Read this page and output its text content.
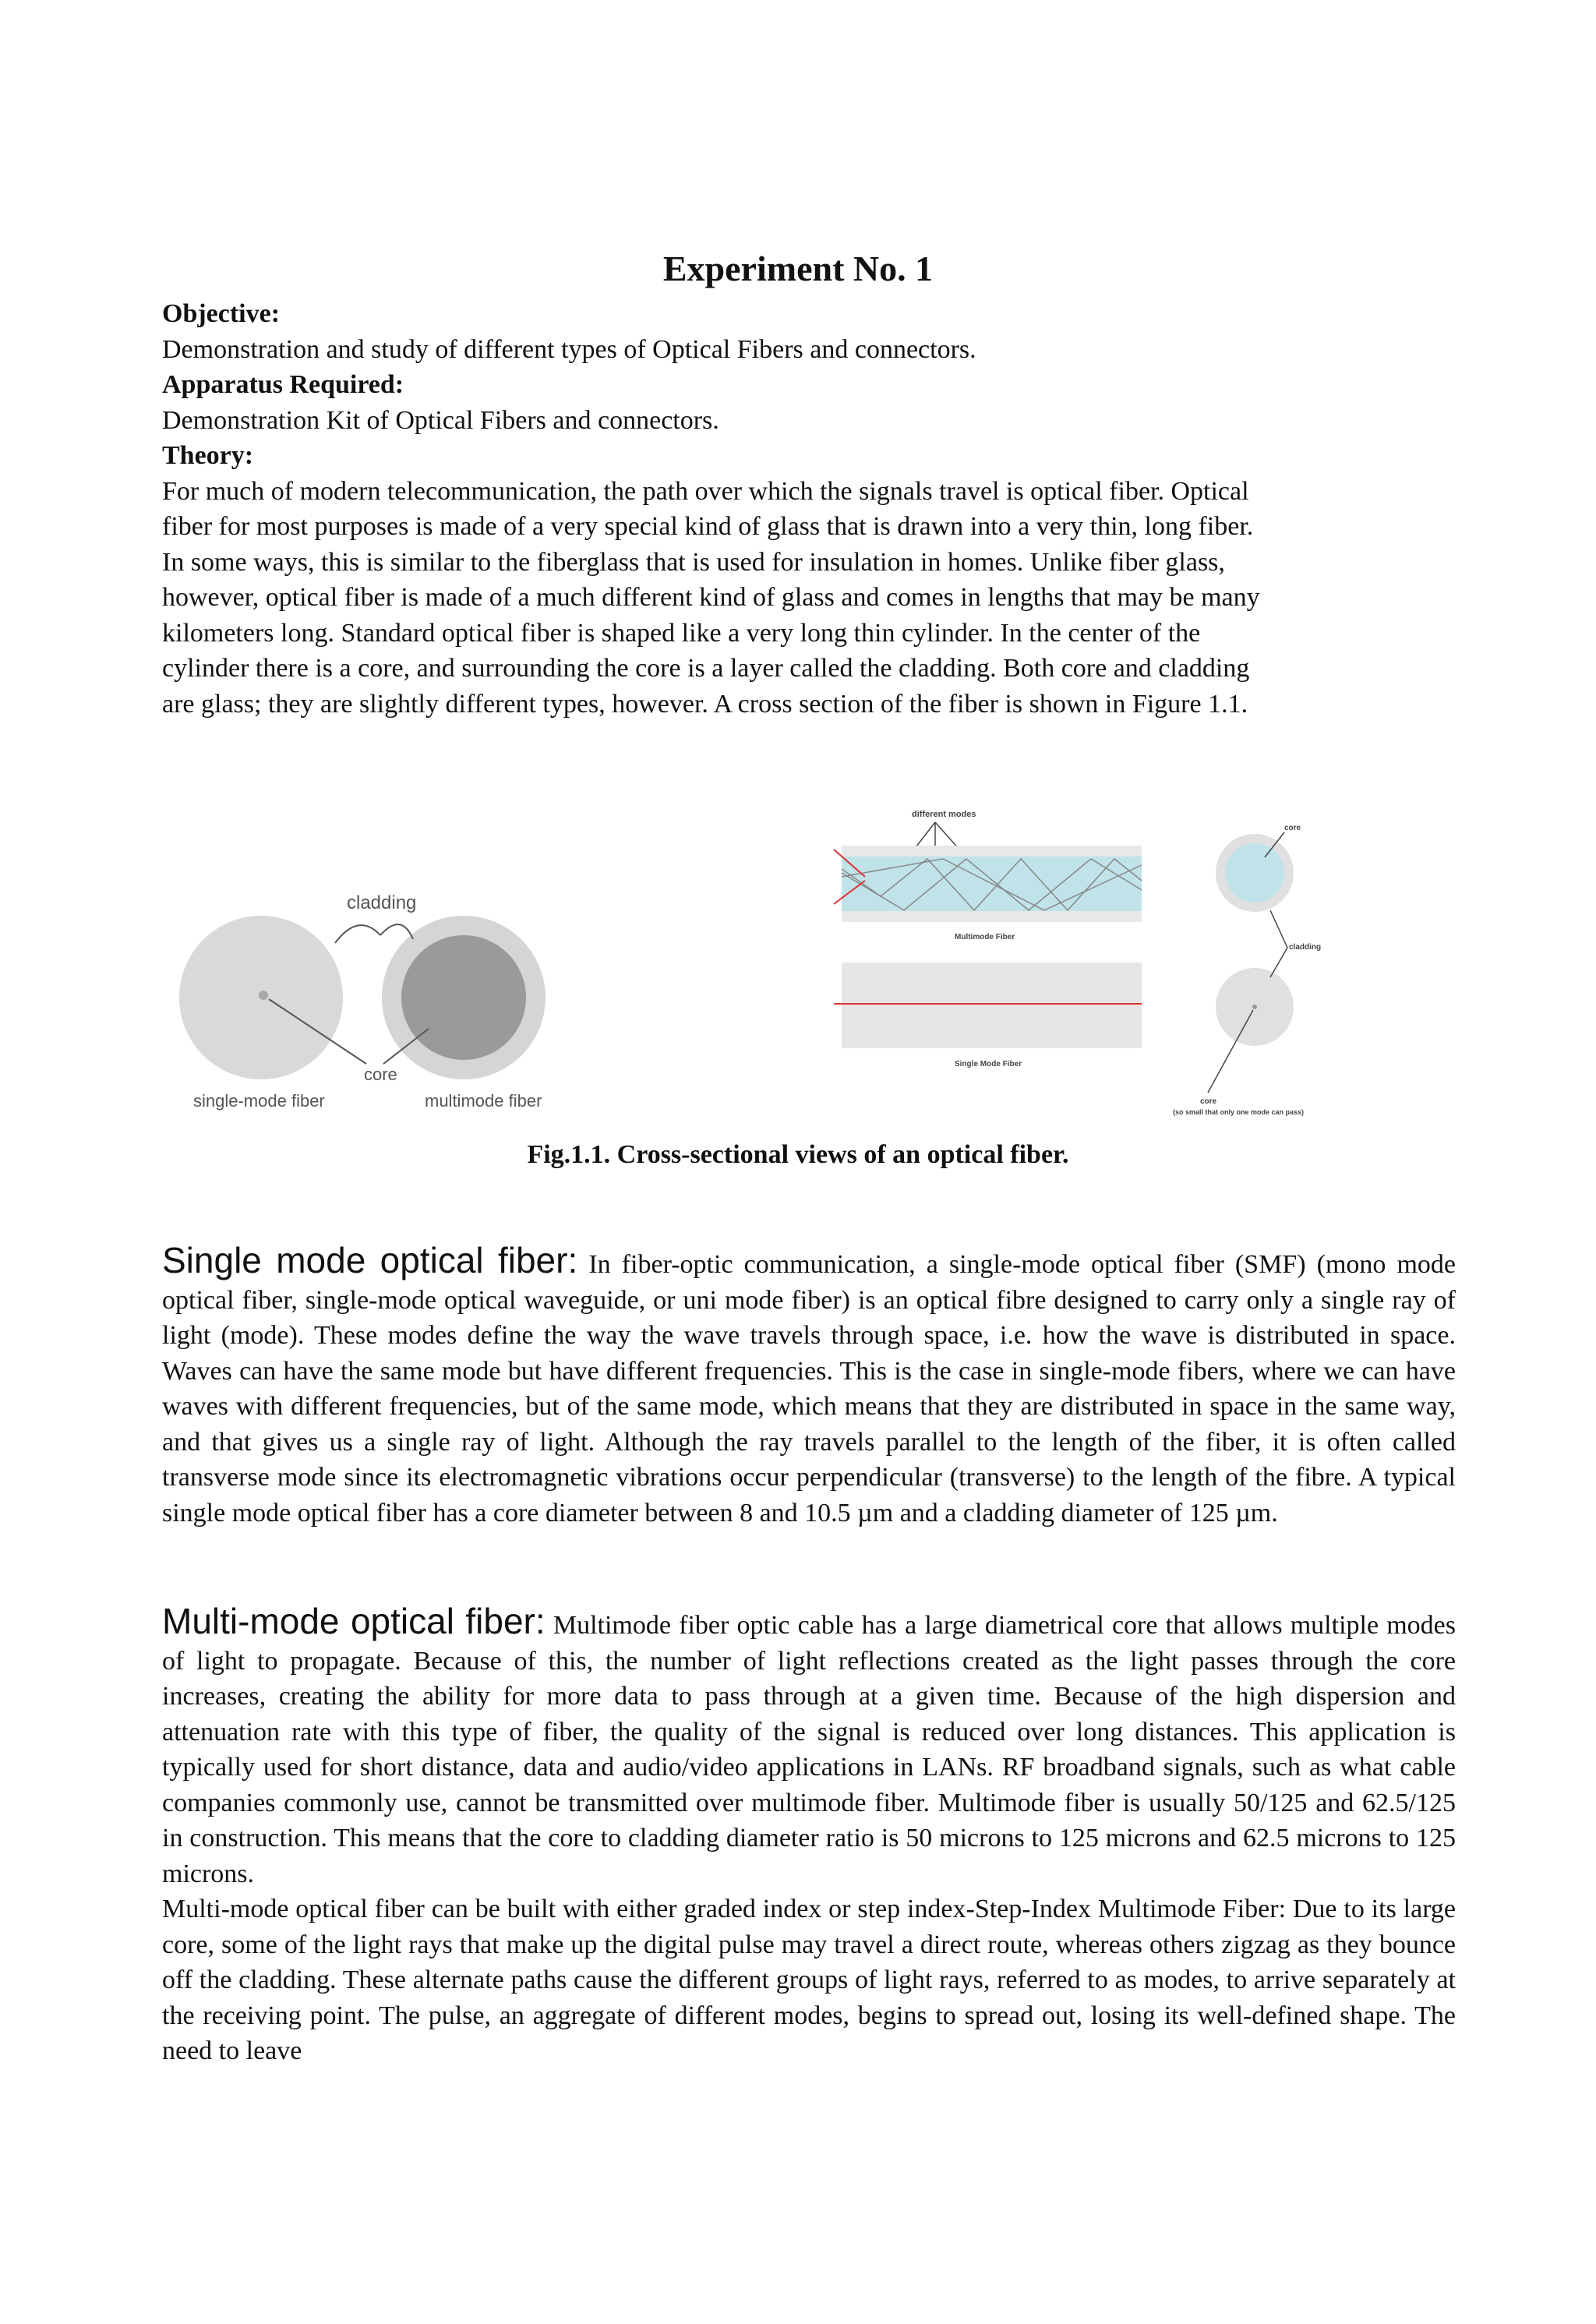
Experiment No. 1
Objective:
Demonstration and study of different types of Optical Fibers and connectors.
Apparatus Required:
Demonstration Kit of Optical Fibers and connectors.
Theory:
For much of modern telecommunication, the path over which the signals travel is optical fiber. Optical
fiber for most purposes is made of a very special kind of glass that is drawn into a very thin, long fiber.
In some ways, this is similar to the fiberglass that is used for insulation in homes. Unlike fiber glass,
however, optical fiber is made of a much different kind of glass and comes in lengths that may be many
kilometers long. Standard optical fiber is shaped like a very long thin cylinder. In the center of the
cylinder there is a core, and surrounding the core is a layer called the cladding. Both core and cladding
are glass; they are slightly different types, however. A cross section of the fiber is shown in Figure 1.1.
cladding
core
single-mode fiber	multimode fiber
different modes
Multimode Fiber
Single Mode Fiber
core
cladding
core
(so small that only one mode can pass)
Fig.1.1. Cross-sectional views of an optical fiber.
Single mode optical fiber: In fiber-optic communication, a single-mode optical fiber (SMF) (mono mode optical fiber, single-mode optical waveguide, or uni mode fiber) is an optical fibre designed to carry only a single ray of light (mode). These modes define the way the wave travels through space, i.e. how the wave is distributed in space. Waves can have the same mode but have different frequencies. This is the case in single-mode fibers, where we can have waves with different frequencies, but of the same mode, which means that they are distributed in space in the same way, and that gives us a single ray of light. Although the ray travels parallel to the length of the fiber, it is often called transverse mode since its electromagnetic vibrations occur perpendicular (transverse) to the length of the fibre. A typical single mode optical fiber has a core diameter between 8 and 10.5 µm and a cladding diameter of 125 µm.
Multi-mode optical fiber: Multimode fiber optic cable has a large diametrical core that allows multiple modes of light to propagate. Because of this, the number of light reflections created as the light passes through the core increases, creating the ability for more data to pass through at a given time. Because of the high dispersion and attenuation rate with this type of fiber, the quality of the signal is reduced over long distances. This application is typically used for short distance, data and audio/video applications in LANs. RF broadband signals, such as what cable companies commonly use, cannot be transmitted over multimode fiber. Multimode fiber is usually 50/125 and 62.5/125 in construction. This means that the core to cladding diameter ratio is 50 microns to 125 microns and 62.5 microns to 125 microns.
Multi-mode optical fiber can be built with either graded index or step index-Step-Index Multimode Fiber: Due to its large core, some of the light rays that make up the digital pulse may travel a direct route, whereas others zigzag as they bounce off the cladding. These alternate paths cause the different groups of light rays, referred to as modes, to arrive separately at the receiving point. The pulse, an aggregate of different modes, begins to spread out, losing its well-defined shape. The need to leave
